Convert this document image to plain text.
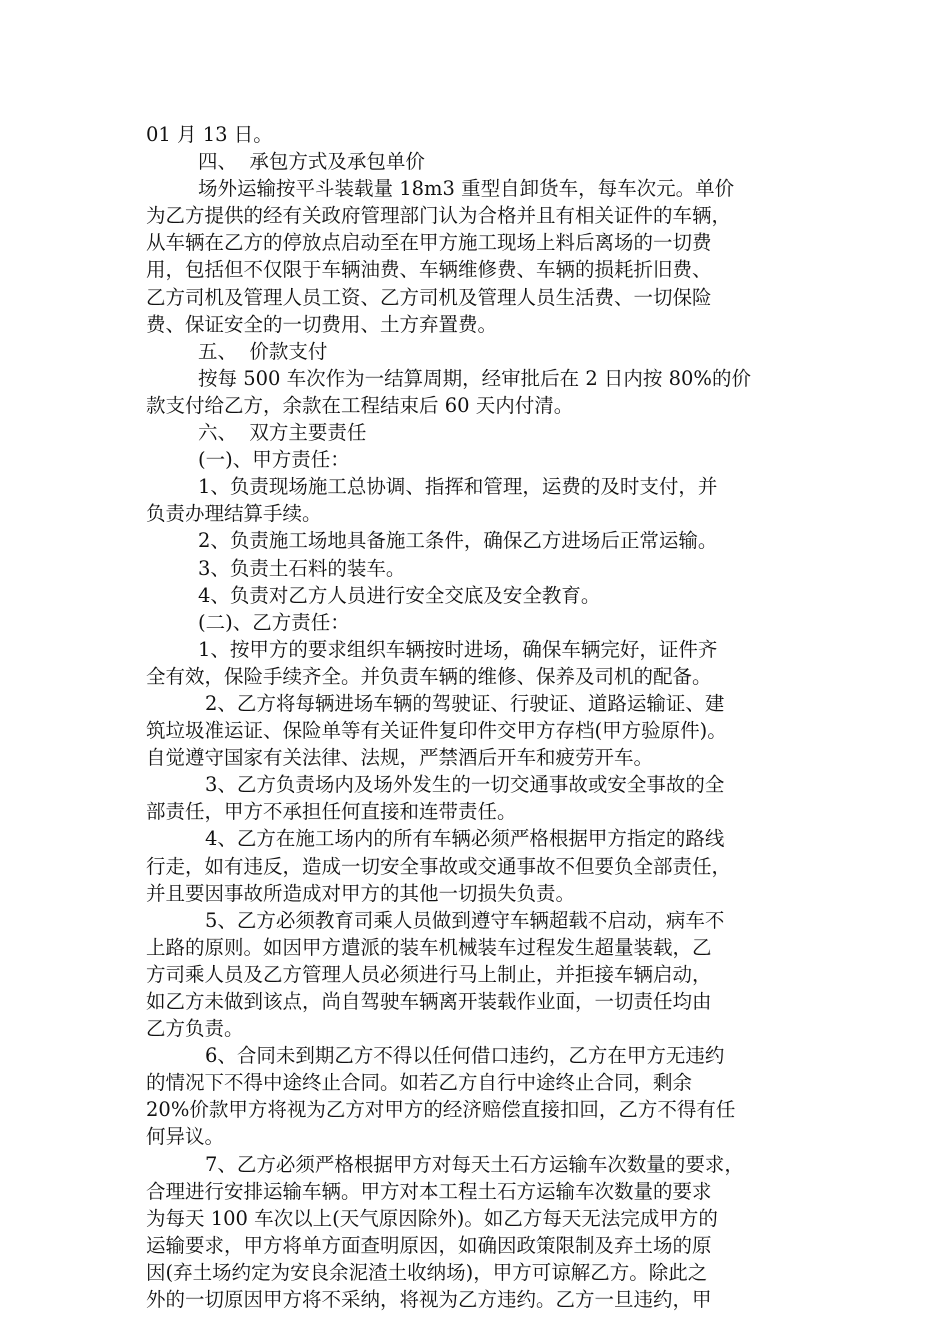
01 月 13 日。

四、  承包方式及承包单价

场外运输按平斗装载量 18m3 重型自卸货车，每车次元。单价

为乙方提供的经有关政府管理部门认为合格并且有相关证件的车辆，

从车辆在乙方的停放点启动至在甲方施工现场上料后离场的一切费

用，包括但不仅限于车辆油费、车辆维修费、车辆的损耗折旧费、

乙方司机及管理人员工资、乙方司机及管理人员生活费、一切保险

费、保证安全的一切费用、土方弃置费。

五、  价款支付

按每 500 车次作为一结算周期，经审批后在 2 日内按 80%的价

款支付给乙方，余款在工程结束后 60 天内付清。

六、  双方主要责任

(一)、甲方责任：

1、负责现场施工总协调、指挥和管理，运费的及时支付，并

负责办理结算手续。

2、负责施工场地具备施工条件，确保乙方进场后正常运输。

3、负责土石料的装车。

4、负责对乙方人员进行安全交底及安全教育。

(二)、乙方责任：

1、按甲方的要求组织车辆按时进场，确保车辆完好，证件齐

全有效，保险手续齐全。并负责车辆的维修、保养及司机的配备。

2、乙方将每辆进场车辆的驾驶证、行驶证、道路运输证、建

筑垃圾准运证、保险单等有关证件复印件交甲方存档(甲方验原件)。

自觉遵守国家有关法律、法规，严禁酒后开车和疲劳开车。

3、乙方负责场内及场外发生的一切交通事故或安全事故的全

部责任，甲方不承担任何直接和连带责任。

4、乙方在施工场内的所有车辆必须严格根据甲方指定的路线

行走，如有违反，造成一切安全事故或交通事故不但要负全部责任，

并且要因事故所造成对甲方的其他一切损失负责。

5、乙方必须教育司乘人员做到遵守车辆超载不启动，病车不

上路的原则。如因甲方遣派的装车机械装车过程发生超量装载，乙

方司乘人员及乙方管理人员必须进行马上制止，并拒接车辆启动，

如乙方未做到该点，尚自驾驶车辆离开装载作业面，一切责任均由

乙方负责。

6、合同未到期乙方不得以任何借口违约，乙方在甲方无违约

的情况下不得中途终止合同。如若乙方自行中途终止合同，剩余

20%价款甲方将视为乙方对甲方的经济赔偿直接扣回，乙方不得有任

何异议。

7、乙方必须严格根据甲方对每天土石方运输车次数量的要求，

合理进行安排运输车辆。甲方对本工程土石方运输车次数量的要求

为每天 100 车次以上(天气原因除外)。如乙方每天无法完成甲方的

运输要求，甲方将单方面查明原因，如确因政策限制及弃土场的原

因(弃土场约定为安良余泥渣土收纳场)，甲方可谅解乙方。除此之

外的一切原因甲方将不采纳，将视为乙方违约。乙方一旦违约，甲
